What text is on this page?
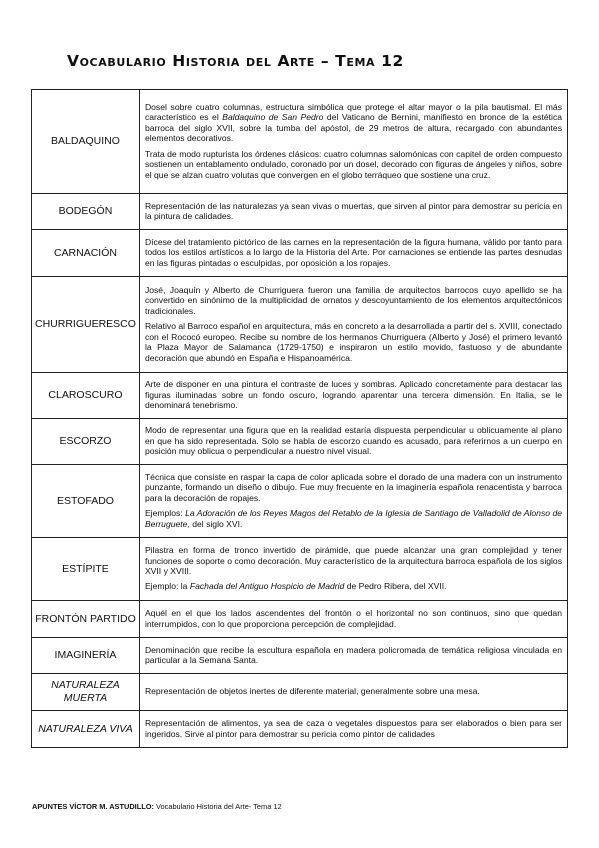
Vocabulario Historia del Arte – Tema 12
BALDAQUINO	Dosel sobre cuatro columnas, estructura simbólica que protege el altar mayor o la pila bautismal. El más característico es el Baldaquino de San Pedro del Vaticano de Bernini, manifiesto en bronce de la estética barroca del siglo XVII, sobre la tumba del apóstol, de 29 metros de altura, recargado con abundantes elementos decorativos.

Trata de modo rupturista los órdenes clásicos: cuatro columnas salomónicas con capitel de orden compuesto sostienen un entablamento ondulado, coronado por un dosel, decorado con figuras de ángeles y niños, sobre el que se alzan cuatro volutas que convergen en el globo terráqueo que sostiene una cruz.

BODEGÓN	Representación de las naturalezas ya sean vivas o muertas, que sirven al pintor para demostrar su pericia en la pintura de calidades.

CARNACIÓN	Dícese del tratamiento pictórico de las carnes en la representación de la figura humana, válido por tanto para todos los estilos artísticos a lo largo de la Historia del Arte. Por carnaciones se entiende las partes desnudas en las figuras pintadas o esculpidas, por oposición a los ropajes.

CHURRIGUERESCO	José, Joaquín y Alberto de Churriguera fueron una familia de arquitectos barrocos cuyo apellido se ha convertido en sinónimo de la multiplicidad de ornatos y descoyuntamiento de los elementos arquitectónicos tradicionales.

Relativo al Barroco español en arquitectura, más en concreto a la desarrollada a partir del s. XVIII, conectado con el Rococó europeo. Recibe su nombre de los hermanos Churriguera (Alberto y José) el primero levantó la Plaza Mayor de Salamanca (1729-1750) e inspiraron un estilo movido, fastuoso y de abundante decoración que abundó en España e Hispanoamérica.

CLAROSCURO	Arte de disponer en una pintura el contraste de luces y sombras. Aplicado concretamente para destacar las figuras iluminadas sobre un fondo oscuro, logrando aparentar una tercera dimensión. En Italia, se le denominará tenebrismo.

ESCORZO	Modo de representar una figura que en la realidad estaría dispuesta perpendicular u oblicuamente al plano en que ha sido representada. Solo se habla de escorzo cuando es acusado, para referirnos a un cuerpo en posición muy oblicua o perpendicular a nuestro nivel visual.

ESTOFADO	Técnica que consiste en raspar la capa de color aplicada sobre el dorado de una madera con un instrumento punzante, formando un diseño o dibujo. Fue muy frecuente en la imaginería española renacentista y barroca para la decoración de ropajes.

Ejemplos: La Adoración de los Reyes Magos del Retablo de la Iglesia de Santiago de Valladolid de Alonso de Berruguete, del siglo XVI.

ESTÍPITE	Pilastra en forma de tronco invertido de pirámide, que puede alcanzar una gran complejidad y tener funciones de soporte o como decoración. Muy característico de la arquitectura barroca española de los siglos XVII y XVIII.

Ejemplo: la Fachada del Antiguo Hospicio de Madrid de Pedro Ribera, del XVII.

FRONTÓN PARTIDO	Aquél en el que los lados ascendentes del frontón o el horizontal no son continuos, sino que quedan interrumpidos, con lo que proporciona percepción de complejidad.

IMAGINERÍA	Denominación que recibe la escultura española en madera policromada de temática religiosa vinculada en particular a la Semana Santa.

NATURALEZA MUERTA	Representación de objetos inertes de diferente material, generalmente sobre una mesa.

NATURALEZA VIVA	Representación de alimentos, ya sea de caza o vegetales dispuestos para ser elaborados o bien para ser ingeridos. Sirve al pintor para demostrar su pericia como pintor de calidades

APUNTES VÍCTOR M. ASTUDILLO: Vocabulario Historia del Arte- Tema 12
